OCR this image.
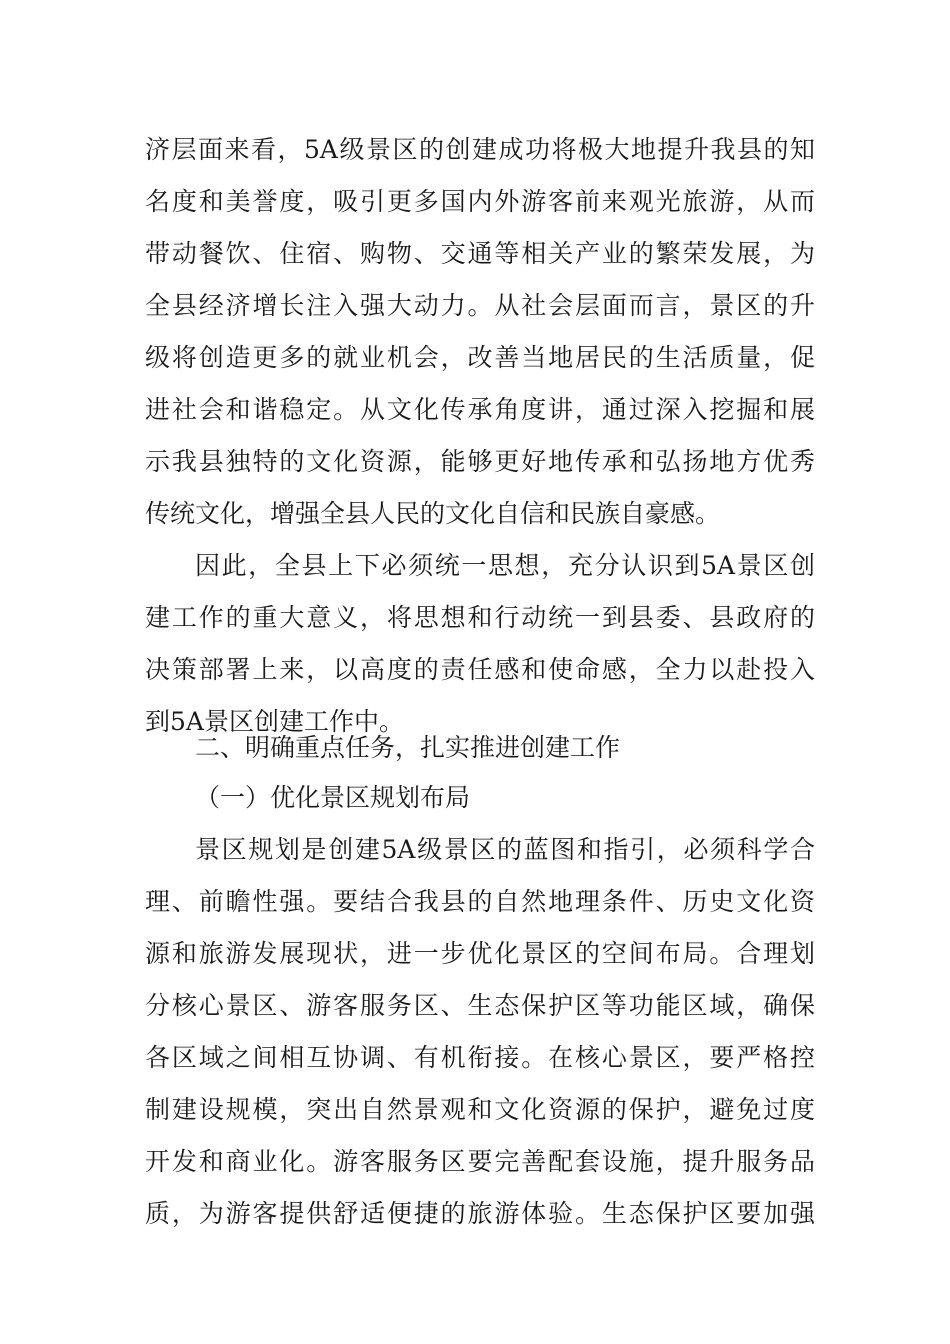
济层面来看，5A级景区的创建成功将极大地提升我县的知
名度和美誉度，吸引更多国内外游客前来观光旅游，从而
带动餐饮、住宿、购物、交通等相关产业的繁荣发展，为
全县经济增长注入强大动力。从社会层面而言，景区的升
级将创造更多的就业机会，改善当地居民的生活质量，促
进社会和谐稳定。从文化传承角度讲，通过深入挖掘和展
示我县独特的文化资源，能够更好地传承和弘扬地方优秀
传统文化，增强全县人民的文化自信和民族自豪感。
因此，全县上下必须统一思想，充分认识到5A景区创
建工作的重大意义，将思想和行动统一到县委、县政府的
决策部署上来，以高度的责任感和使命感，全力以赴投入
到5A景区创建工作中。
二、明确重点任务，扎实推进创建工作
（一）优化景区规划布局
景区规划是创建5A级景区的蓝图和指引，必须科学合
理、前瞻性强。要结合我县的自然地理条件、历史文化资
源和旅游发展现状，进一步优化景区的空间布局。合理划
分核心景区、游客服务区、生态保护区等功能区域，确保
各区域之间相互协调、有机衔接。在核心景区，要严格控
制建设规模，突出自然景观和文化资源的保护，避免过度
开发和商业化。游客服务区要完善配套设施，提升服务品
质，为游客提供舒适便捷的旅游体验。生态保护区要加强
